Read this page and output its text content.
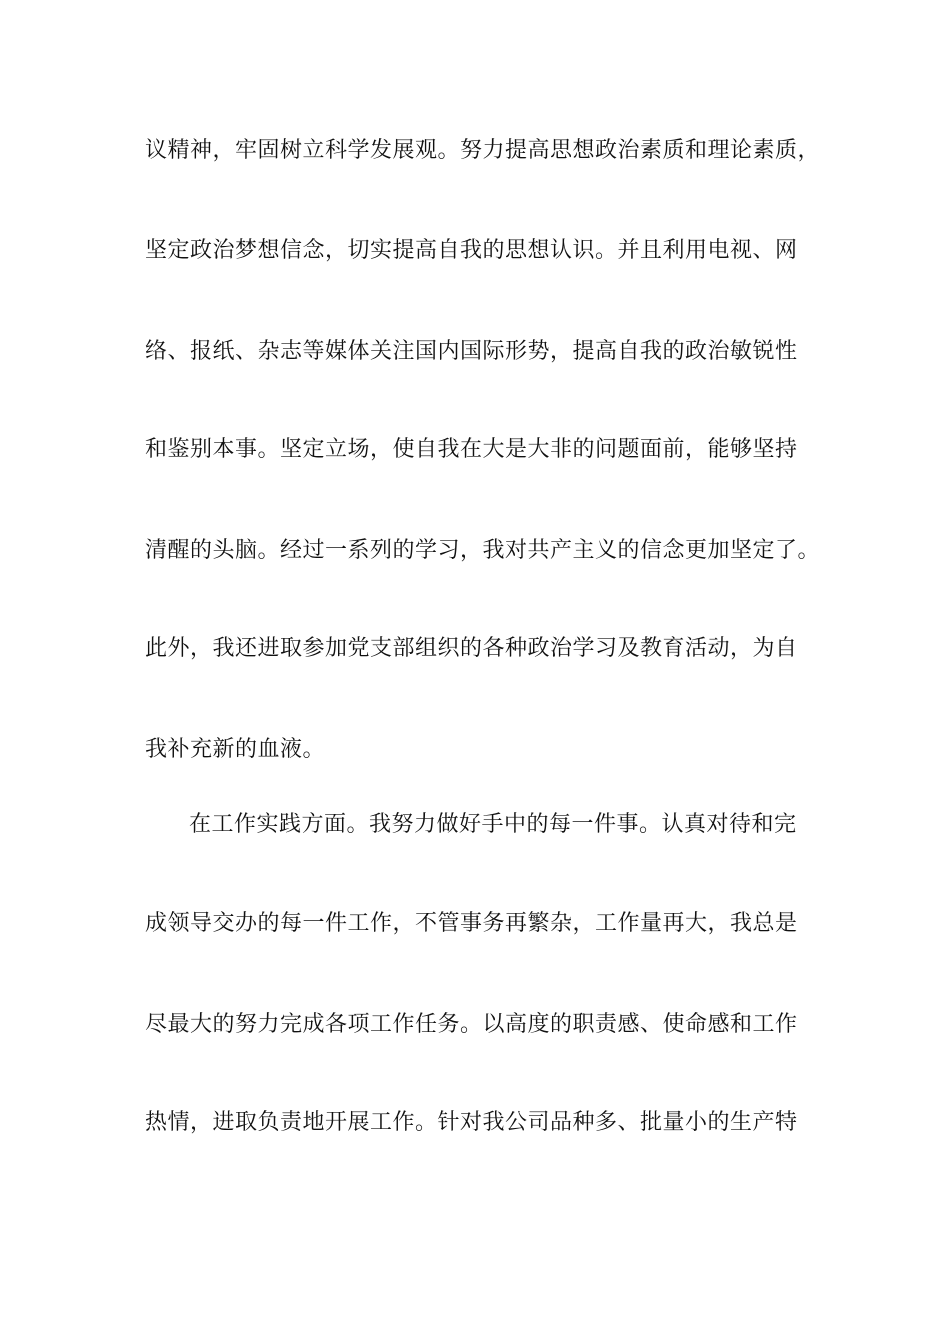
议精神，牢固树立科学发展观。努力提高思想政治素质和理论素质，
坚定政治梦想信念，切实提高自我的思想认识。并且利用电视、网
络、报纸、杂志等媒体关注国内国际形势，提高自我的政治敏锐性
和鉴别本事。坚定立场，使自我在大是大非的问题面前，能够坚持
清醒的头脑。经过一系列的学习，我对共产主义的信念更加坚定了。
此外，我还进取参加党支部组织的各种政治学习及教育活动，为自
我补充新的血液。
在工作实践方面。我努力做好手中的每一件事。认真对待和完
成领导交办的每一件工作，不管事务再繁杂，工作量再大，我总是
尽最大的努力完成各项工作任务。以高度的职责感、使命感和工作
热情，进取负责地开展工作。针对我公司品种多、批量小的生产特
